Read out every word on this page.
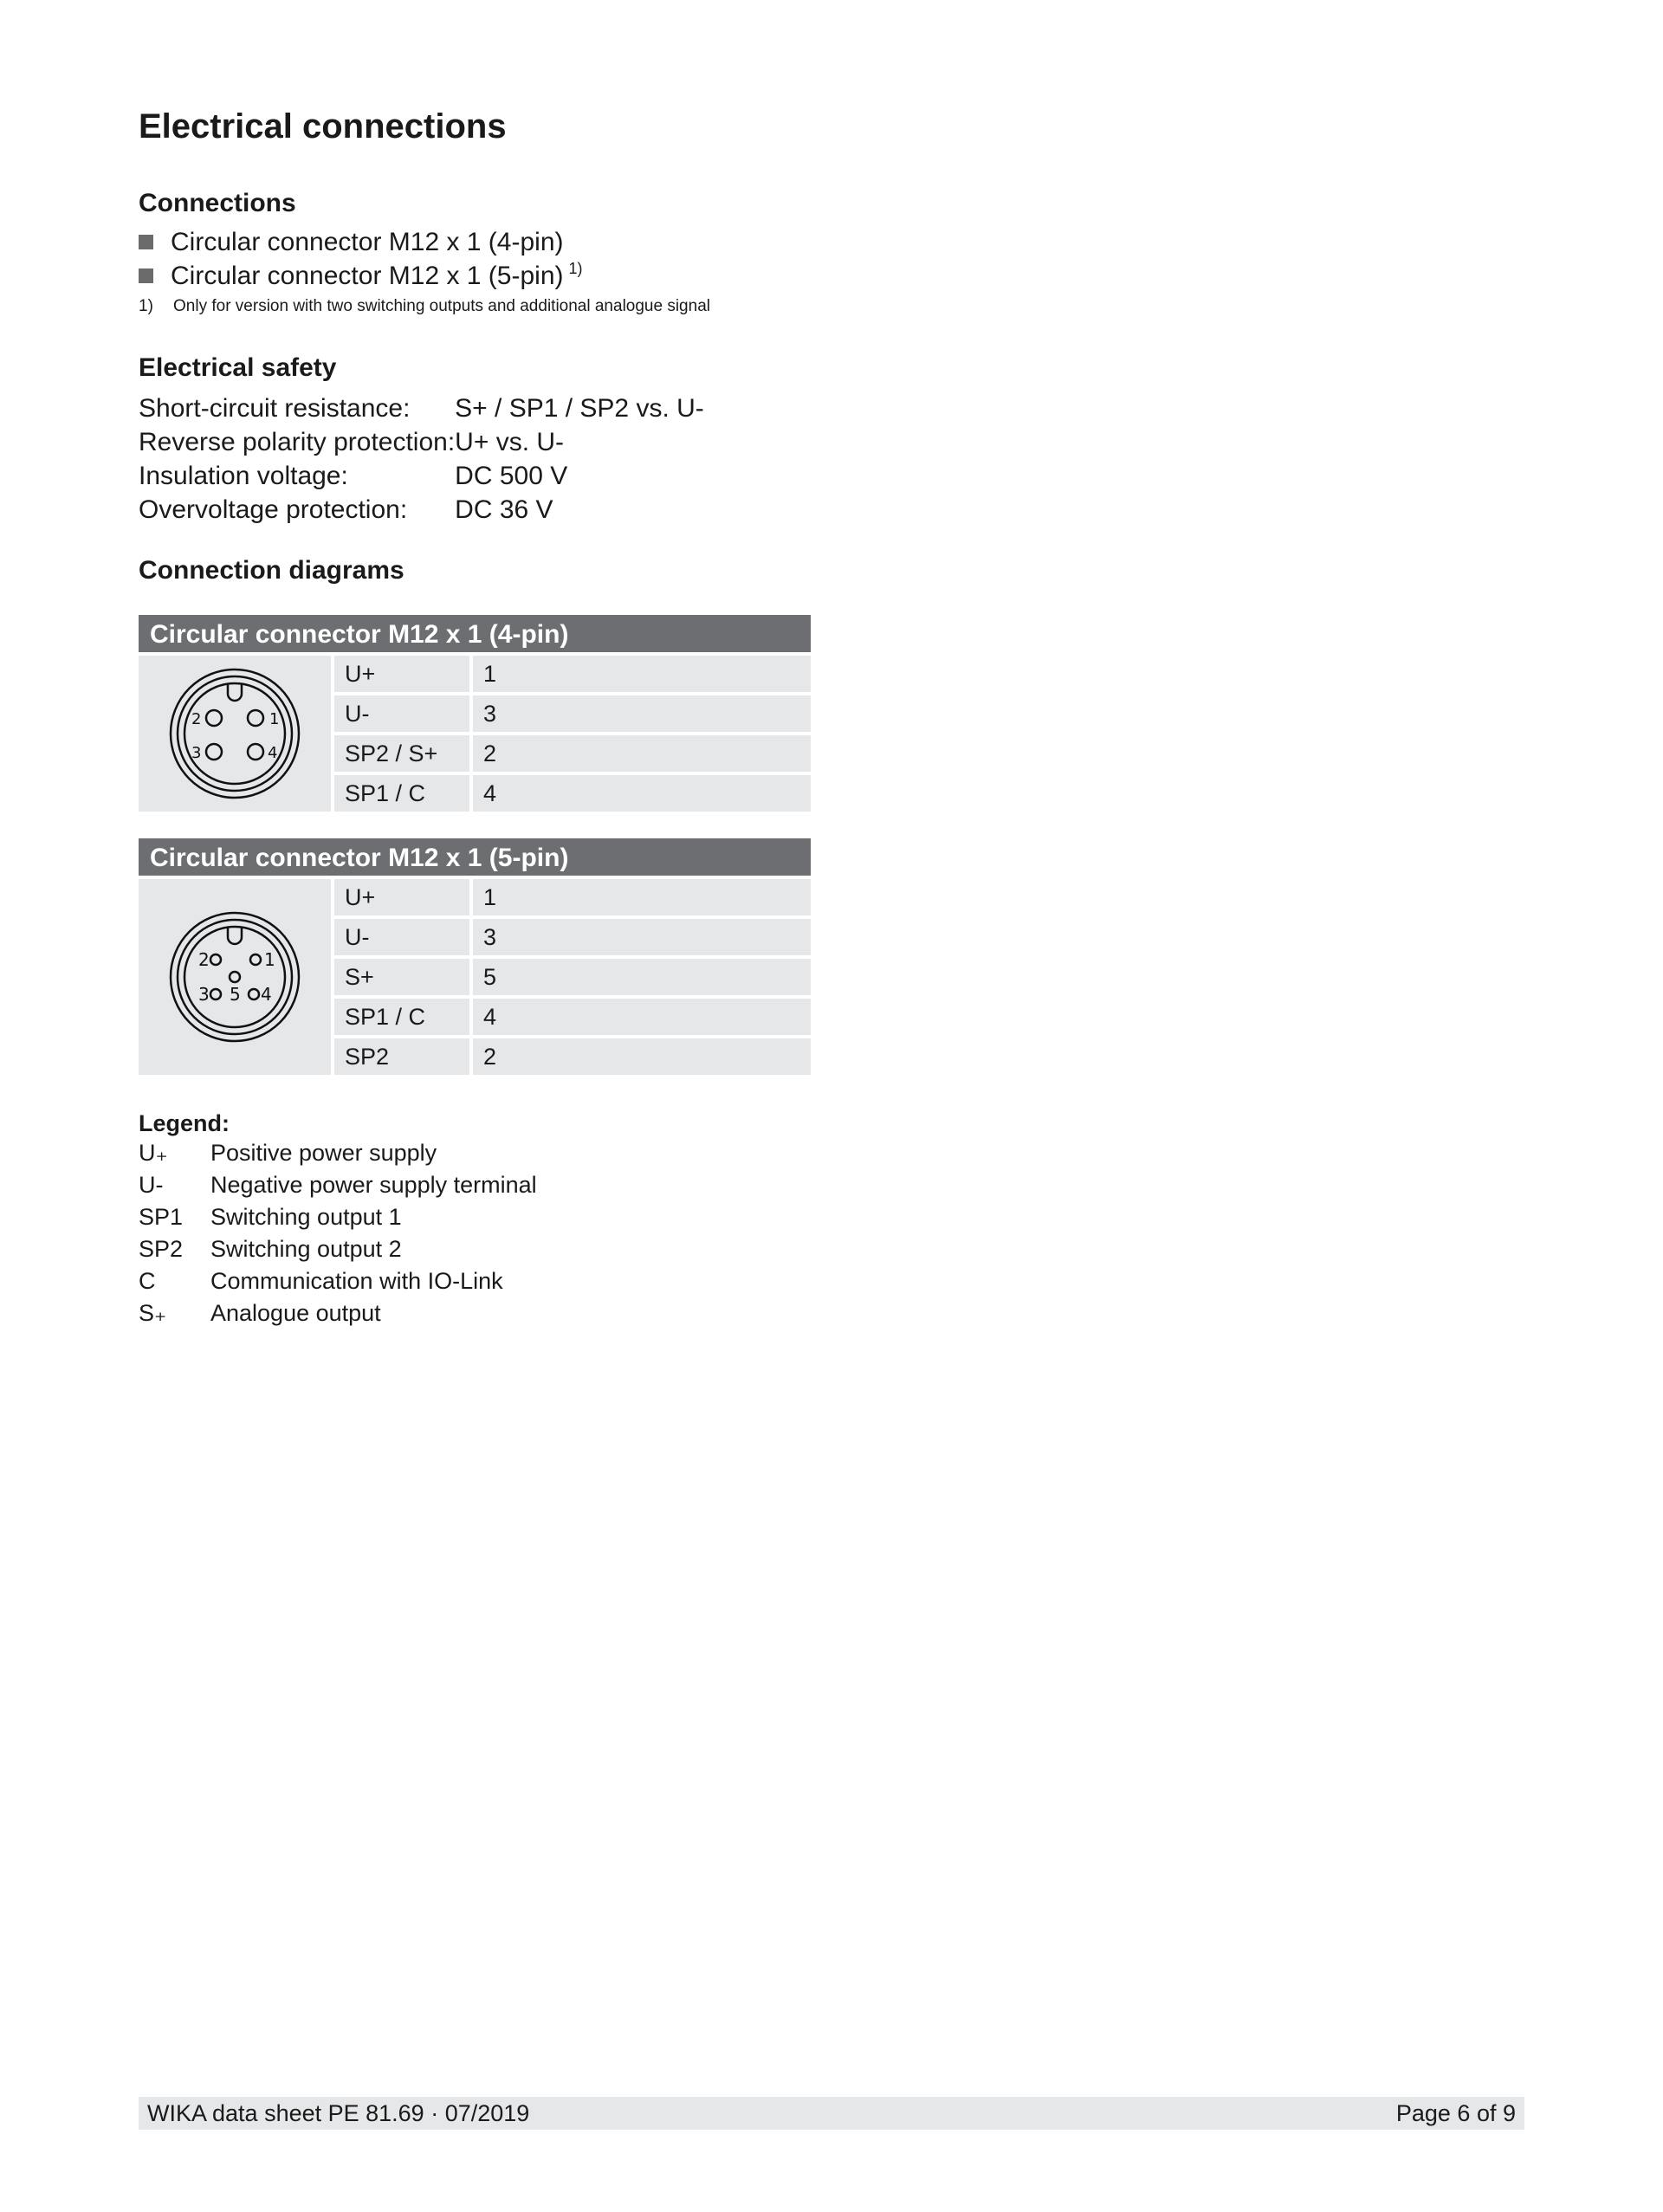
Electrical connections
Connections
Circular connector M12 x 1 (4-pin)
Circular connector M12 x 1 (5-pin) $^{1)}$
1)	Only for version with two switching outputs and additional analogue signal
Electrical safety
Short-circuit resistance:	S+ / SP1 / SP2 vs. U-
Reverse polarity protection:	U+ vs. U-
Insulation voltage:	DC 500 V
Overvoltage protection:	DC 36 V
Connection diagrams
Circular connector M12 x 1 (4-pin)
1
2
3	4
U+	1
U-	3
SP2 / S+	2
SP1 / C	4
Circular connector M12 x 1 (5-pin)
1
2
3	4
5
U+	1
U-	3
S+	5
SP1 / C	4
SP2	2
Legend:
U₊	Positive power supply
U-	Negative power supply terminal
SP1	Switching output 1
SP2	Switching output 2
C	Communication with IO-Link
S₊	Analogue output
WIKA data sheet PE 81.69 · 07/2019	Page 6 of 9
